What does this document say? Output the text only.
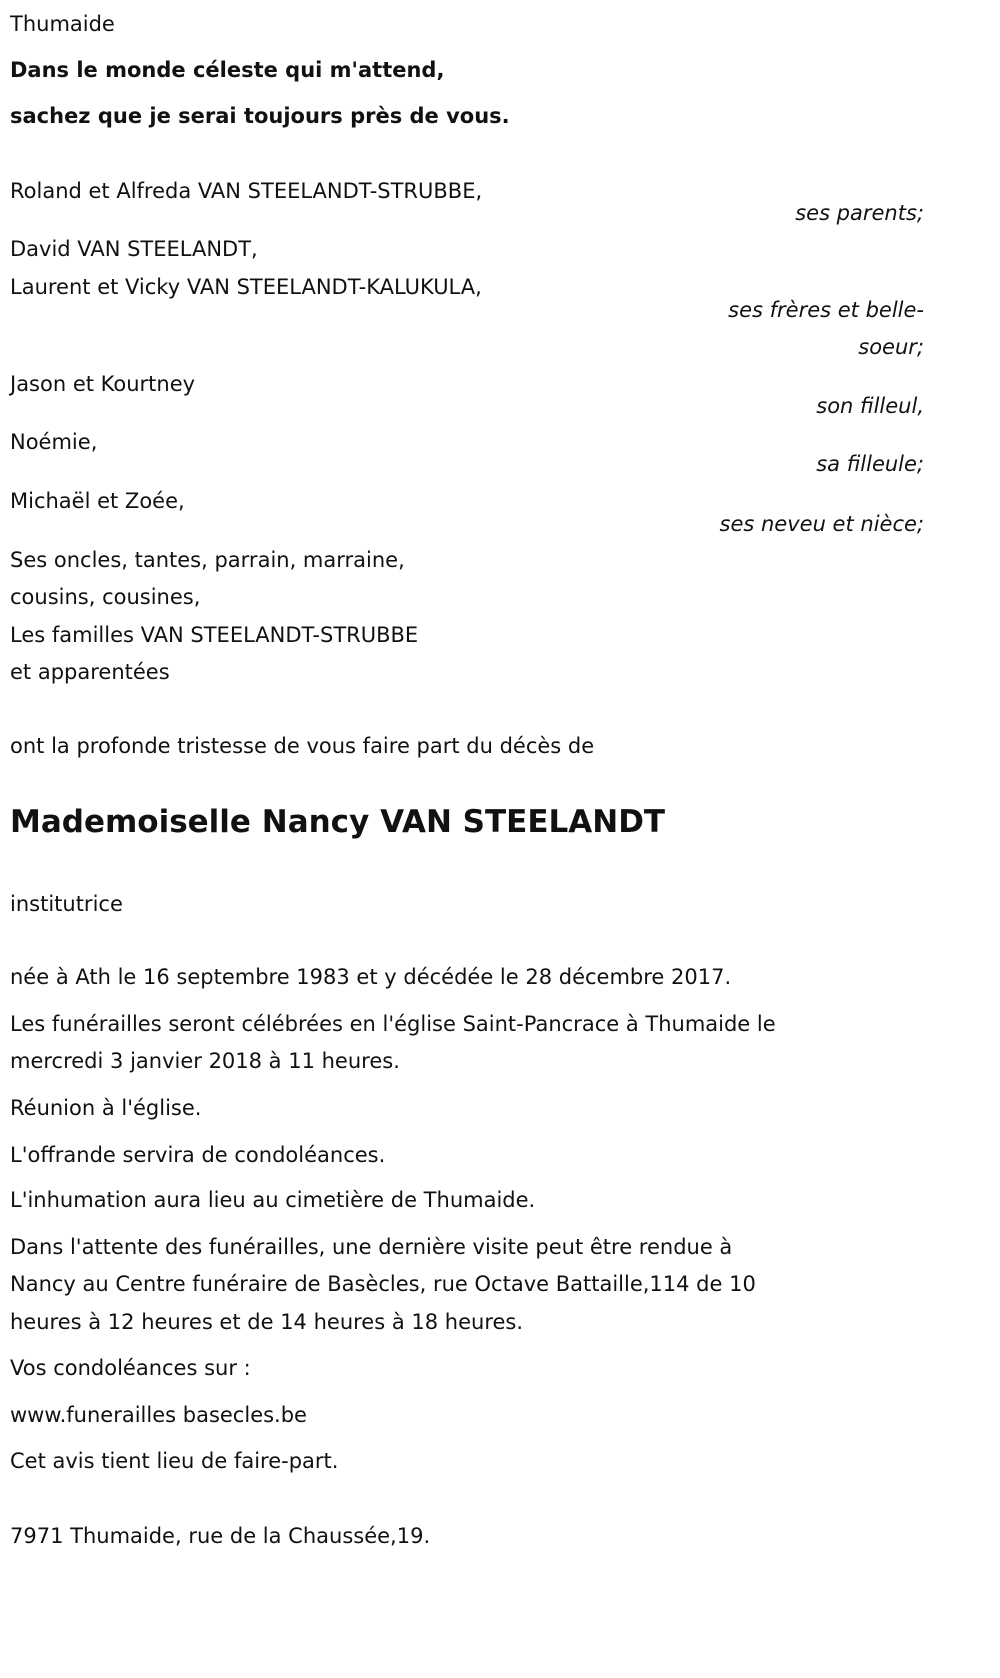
Thumaide
Dans le monde céleste qui m'attend,
sachez que je serai toujours près de vous.
Roland et Alfreda VAN STEELANDT-STRUBBE,
ses parents;
David VAN STEELANDT,
Laurent et Vicky VAN STEELANDT-KALUKULA,
ses frères et belle-
soeur;
Jason et Kourtney
son filleul,
Noémie,
sa filleule;
Michaël et Zoée,
ses neveu et nièce;
Ses oncles, tantes, parrain, marraine,
cousins, cousines,
Les familles VAN STEELANDT-STRUBBE
et apparentées
ont la profonde tristesse de vous faire part du décès de
Mademoiselle Nancy VAN STEELANDT
institutrice
née à Ath le 16 septembre 1983 et y décédée le 28 décembre 2017.
Les funérailles seront célébrées en l'église Saint-Pancrace à Thumaide le
mercredi 3 janvier 2018 à 11 heures.
Réunion à l'église.
L'offrande servira de condoléances.
L'inhumation aura lieu au cimetière de Thumaide.
Dans l'attente des funérailles, une dernière visite peut être rendue à
Nancy au Centre funéraire de Basècles, rue Octave Battaille,114 de 10
heures à 12 heures et de 14 heures à 18 heures.
Vos condoléances sur :
www.funerailles basecles.be
Cet avis tient lieu de faire-part.
7971 Thumaide, rue de la Chaussée,19.
